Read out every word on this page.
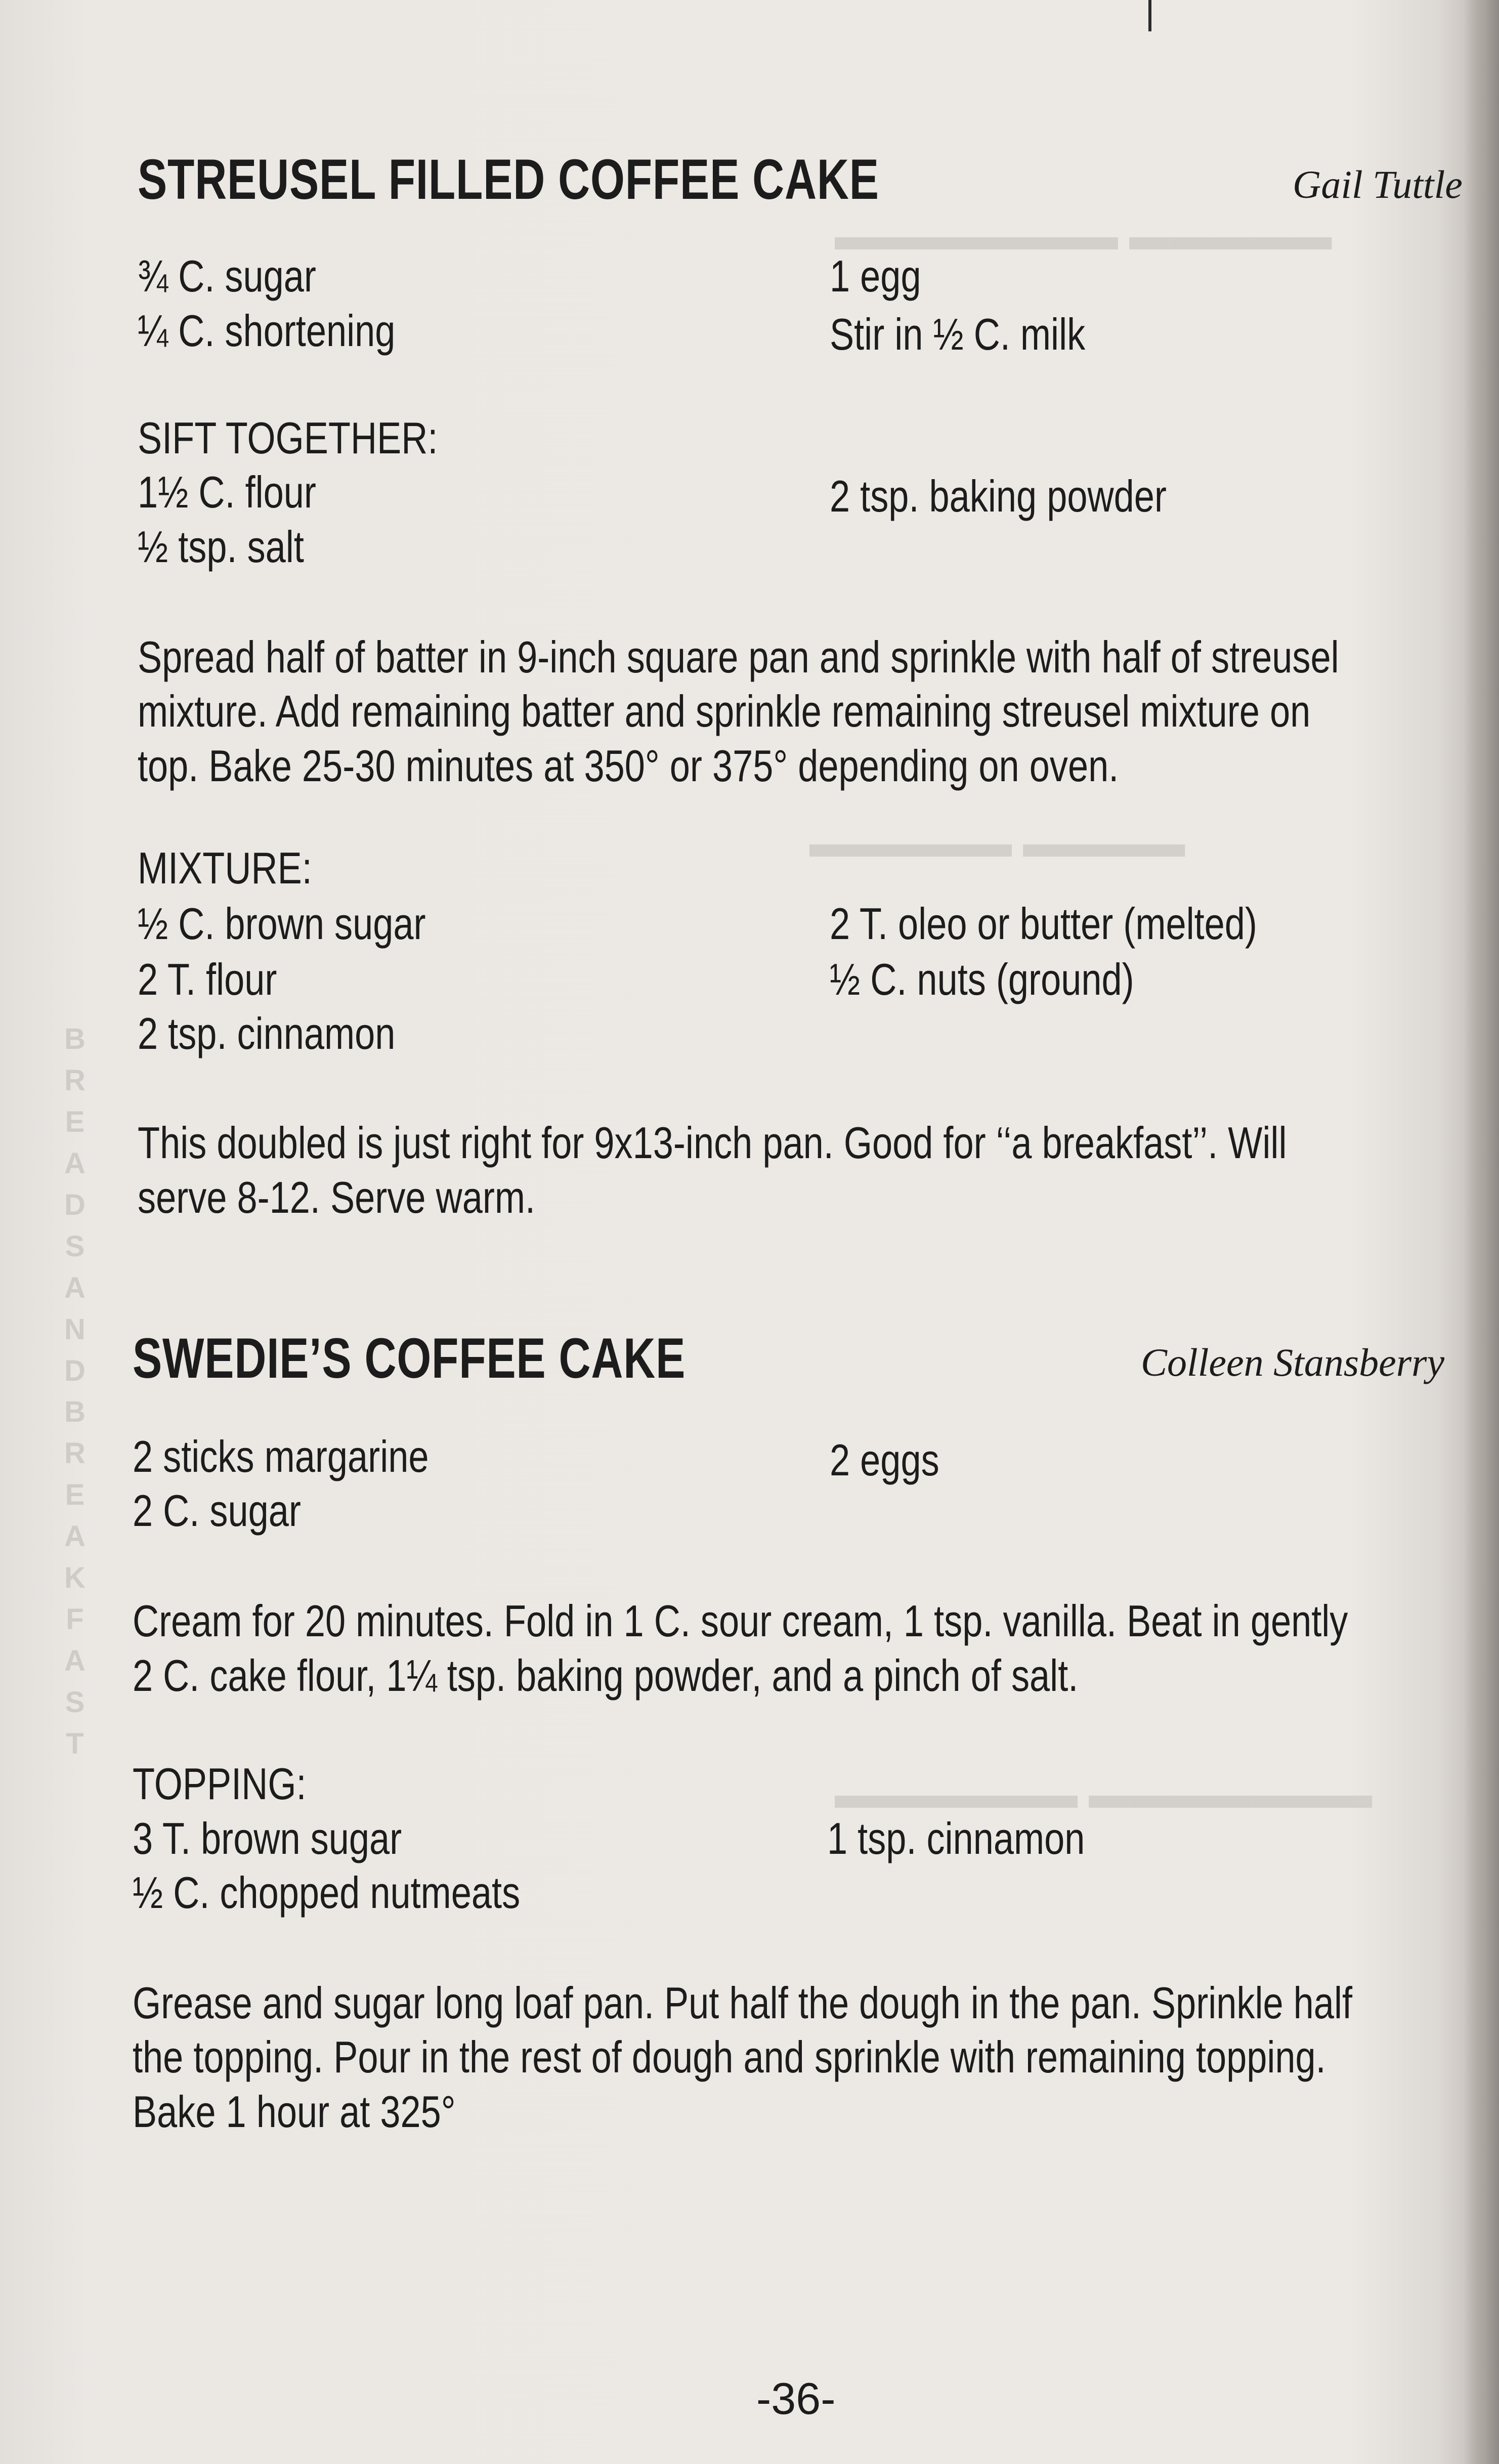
▬▬▬▬▬ ▬▬▬▬▬▬▬
▬▬▬▬ ▬▬▬▬▬
▬▬▬▬▬▬▬ ▬▬▬▬▬▬
B
R
E
A
D
S
A
N
D
B
R
E
A
K
F
A
S
T
STREUSEL FILLED COFFEE CAKE	Gail Tuttle
¾ C. sugar
¼ C. shortening
1 egg
Stir in ½ C. milk
SIFT TOGETHER:
1½ C. flour
½ tsp. salt
2 tsp. baking powder
Spread half of batter in 9-inch square pan and sprinkle with half of streusel
mixture. Add remaining batter and sprinkle remaining streusel mixture on
top. Bake 25-30 minutes at 350° or 375° depending on oven.
MIXTURE:
½ C. brown sugar
2 T. flour
2 tsp. cinnamon
2 T. oleo or butter (melted)
½ C. nuts (ground)
This doubled is just right for 9x13-inch pan. Good for ‘‘a breakfast’’. Will
serve 8-12. Serve warm.
SWEDIE’S COFFEE CAKE	Colleen Stansberry
2 sticks margarine
2 C. sugar
2 eggs
Cream for 20 minutes. Fold in 1 C. sour cream, 1 tsp. vanilla. Beat in gently
2 C. cake flour, 1¼ tsp. baking powder, and a pinch of salt.
TOPPING:
3 T. brown sugar
½ C. chopped nutmeats
1 tsp. cinnamon
Grease and sugar long loaf pan. Put half the dough in the pan. Sprinkle half
the topping. Pour in the rest of dough and sprinkle with remaining topping.
Bake 1 hour at 325°
-36-
